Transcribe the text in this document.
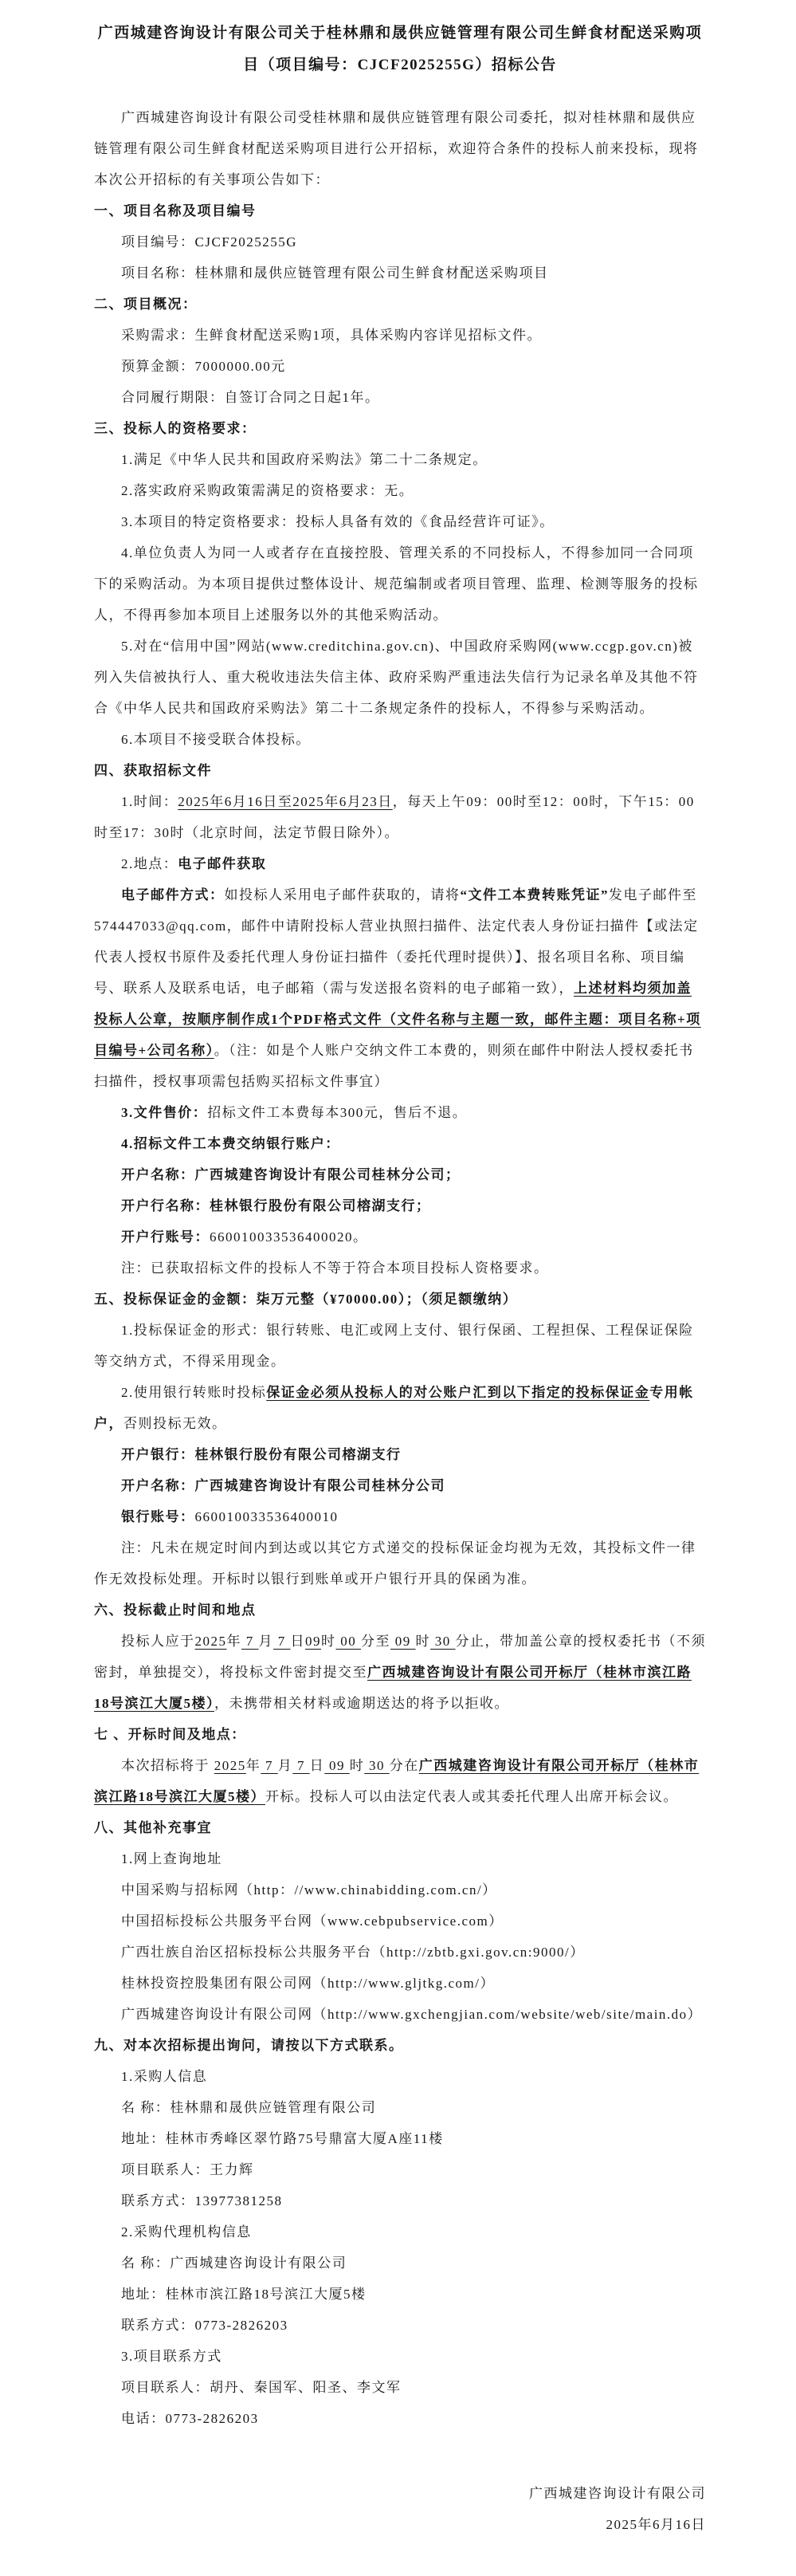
广西城建咨询设计有限公司关于桂林鼎和晟供应链管理有限公司生鲜食材配送采购项目（项目编号：CJCF2025255G）招标公告

广西城建咨询设计有限公司受桂林鼎和晟供应链管理有限公司委托，拟对桂林鼎和晟供应链管理有限公司生鲜食材配送采购项目进行公开招标，欢迎符合条件的投标人前来投标，现将本次公开招标的有关事项公告如下：

一、项目名称及项目编号

项目编号：CJCF2025255G

项目名称：桂林鼎和晟供应链管理有限公司生鲜食材配送采购项目

二、项目概况：

采购需求：生鲜食材配送采购1项，具体采购内容详见招标文件。

预算金额：7000000.00元

合同履行期限：自签订合同之日起1年。

三、投标人的资格要求：

1.满足《中华人民共和国政府采购法》第二十二条规定。

2.落实政府采购政策需满足的资格要求：无。

3.本项目的特定资格要求：投标人具备有效的《食品经营许可证》。

4.单位负责人为同一人或者存在直接控股、管理关系的不同投标人，不得参加同一合同项下的采购活动。为本项目提供过整体设计、规范编制或者项目管理、监理、检测等服务的投标人，不得再参加本项目上述服务以外的其他采购活动。

5.对在“信用中国”网站(www.creditchina.gov.cn)、中国政府采购网(www.ccgp.gov.cn)被列入失信被执行人、重大税收违法失信主体、政府采购严重违法失信行为记录名单及其他不符合《中华人民共和国政府采购法》第二十二条规定条件的投标人，不得参与采购活动。

6.本项目不接受联合体投标。

四、获取招标文件

1.时间：2025年6月16日至2025年6月23日，每天上午09：00时至12：00时，下午15：00时至17：30时（北京时间，法定节假日除外）。

2.地点：电子邮件获取

电子邮件方式：如投标人采用电子邮件获取的，请将“文件工本费转账凭证”发电子邮件至574447033@qq.com，邮件中请附投标人营业执照扫描件、法定代表人身份证扫描件【或法定代表人授权书原件及委托代理人身份证扫描件（委托代理时提供）】、报名项目名称、项目编号、联系人及联系电话，电子邮箱（需与发送报名资料的电子邮箱一致），上述材料均须加盖投标人公章，按顺序制作成1个PDF格式文件（文件名称与主题一致，邮件主题：项目名称+项目编号+公司名称）。（注：如是个人账户交纳文件工本费的，则须在邮件中附法人授权委托书扫描件，授权事项需包括购买招标文件事宜）

3.文件售价：招标文件工本费每本300元，售后不退。

4.招标文件工本费交纳银行账户：

开户名称：广西城建咨询设计有限公司桂林分公司；

开户行名称：桂林银行股份有限公司榕湖支行；

开户行账号：660010033536400020。

注：已获取招标文件的投标人不等于符合本项目投标人资格要求。

五、投标保证金的金额：柒万元整（¥70000.00）；（须足额缴纳）

1.投标保证金的形式：银行转账、电汇或网上支付、银行保函、工程担保、工程保证保险等交纳方式，不得采用现金。

2.使用银行转账时投标保证金必须从投标人的对公账户汇到以下指定的投标保证金专用帐户，否则投标无效。

开户银行：桂林银行股份有限公司榕湖支行

开户名称：广西城建咨询设计有限公司桂林分公司

银行账号：660010033536400010

注：凡未在规定时间内到达或以其它方式递交的投标保证金均视为无效，其投标文件一律作无效投标处理。开标时以银行到账单或开户银行开具的保函为准。

六、投标截止时间和地点

投标人应于2025年 7 月 7 日09时 00 分至 09 时 30 分止，带加盖公章的授权委托书（不须密封，单独提交），将投标文件密封提交至广西城建咨询设计有限公司开标厅（桂林市滨江路18号滨江大厦5楼），未携带相关材料或逾期送达的将予以拒收。

七 、开标时间及地点：

本次招标将于 2025年 7 月 7 日 09 时 30 分在广西城建咨询设计有限公司开标厅（桂林市滨江路18号滨江大厦5楼）开标。投标人可以由法定代表人或其委托代理人出席开标会议。

八、其他补充事宜

1.网上查询地址

中国采购与招标网（http：//www.chinabidding.com.cn/）

中国招标投标公共服务平台网（www.cebpubservice.com）

广西壮族自治区招标投标公共服务平台（http://zbtb.gxi.gov.cn:9000/）

桂林投资控股集团有限公司网（http://www.gljtkg.com/）

广西城建咨询设计有限公司网（http://www.gxchengjian.com/website/web/site/main.do）

九、对本次招标提出询问，请按以下方式联系。

1.采购人信息

名 称：桂林鼎和晟供应链管理有限公司

地址：桂林市秀峰区翠竹路75号鼎富大厦A座11楼

项目联系人：王力辉

联系方式：13977381258

2.采购代理机构信息

名 称：广西城建咨询设计有限公司

地址：桂林市滨江路18号滨江大厦5楼

联系方式：0773-2826203

3.项目联系方式

项目联系人：胡丹、秦国军、阳圣、李文军

电话：0773-2826203

广西城建咨询设计有限公司

2025年6月16日
